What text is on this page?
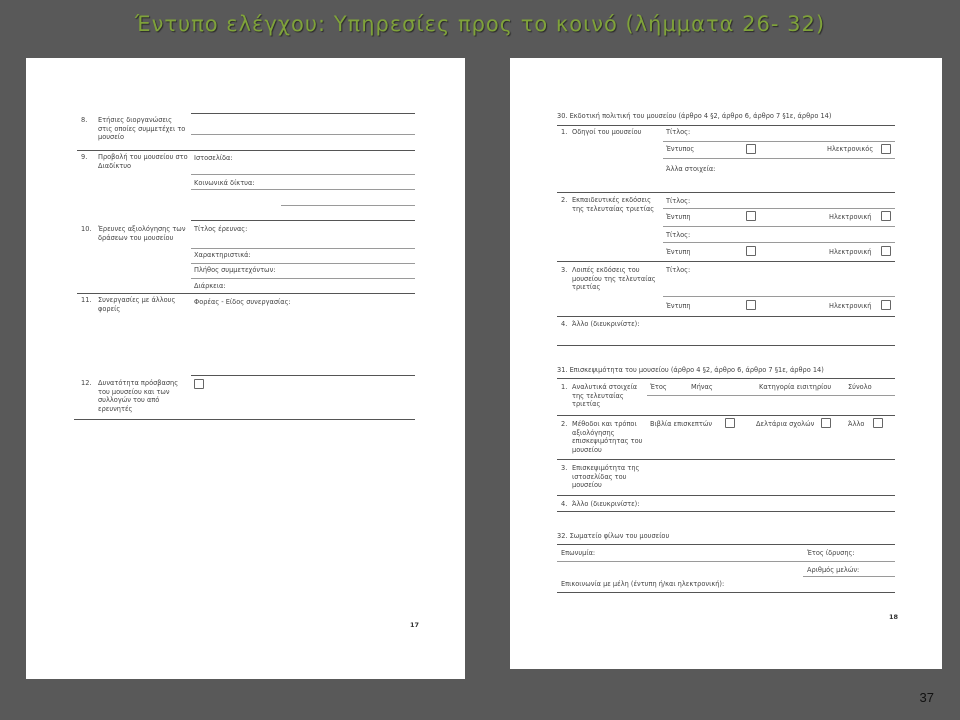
Έντυπο ελέγχου: Υπηρεσίες προς το κοινό (λήμματα 26- 32)
8. Ετήσιες διοργανώσεις στις οποίες συμμετέχει το μουσείο
9. Προβολή του μουσείου στο Διαδίκτυο
Ιστοσελίδα:
Κοινωνικά δίκτυα:
10. Έρευνες αξιολόγησης των δράσεων του μουσείου
Τίτλος έρευνας:
Χαρακτηριστικά:
Πλήθος συμμετεχόντων:
Διάρκεια:
11. Συνεργασίες με άλλους φορείς
Φορέας - Είδος συνεργασίας:
12. Δυνατότητα πρόσβασης του μουσείου και των συλλογών του από ερευνητές
17
30. Εκδοτική πολιτική του μουσείου (άρθρο 4 §2, άρθρο 6, άρθρο 7 §1ε, άρθρο 14)
1. Οδηγοί του μουσείου	Τίτλος:
Έντυπος	Ηλεκτρονικός
Άλλα στοιχεία:
2. Εκπαιδευτικές εκδόσεις της τελευταίας τριετίας
Τίτλος:
Έντυπη	Ηλεκτρονική
Τίτλος:
Έντυπη	Ηλεκτρονική
3. Λοιπές εκδόσεις του μουσείου της τελευταίας τριετίας
Τίτλος:
Έντυπη	Ηλεκτρονική
4. Άλλο (διευκρινίστε):
31. Επισκεψιμότητα του μουσείου (άρθρο 4 §2, άρθρο 6, άρθρο 7 §1ε, άρθρο 14)
1. Αναλυτικά στοιχεία της τελευταίας τριετίας
Έτος	Μήνας	Κατηγορία εισιτηρίου	Σύνολο
2. Μέθοδοι και τρόποι αξιολόγησης επισκεψιμότητας του μουσείου
Βιβλία επισκεπτών	Δελτάρια σχολών	Άλλο
3. Επισκεψιμότητα της ιστοσελίδας του μουσείου
4. Άλλο (διευκρινίστε):
32. Σωματείο φίλων του μουσείου
Επωνυμία:	Έτος ίδρυσης:
Αριθμός μελών:
Επικοινωνία με μέλη (έντυπη ή/και ηλεκτρονική):
18
37
